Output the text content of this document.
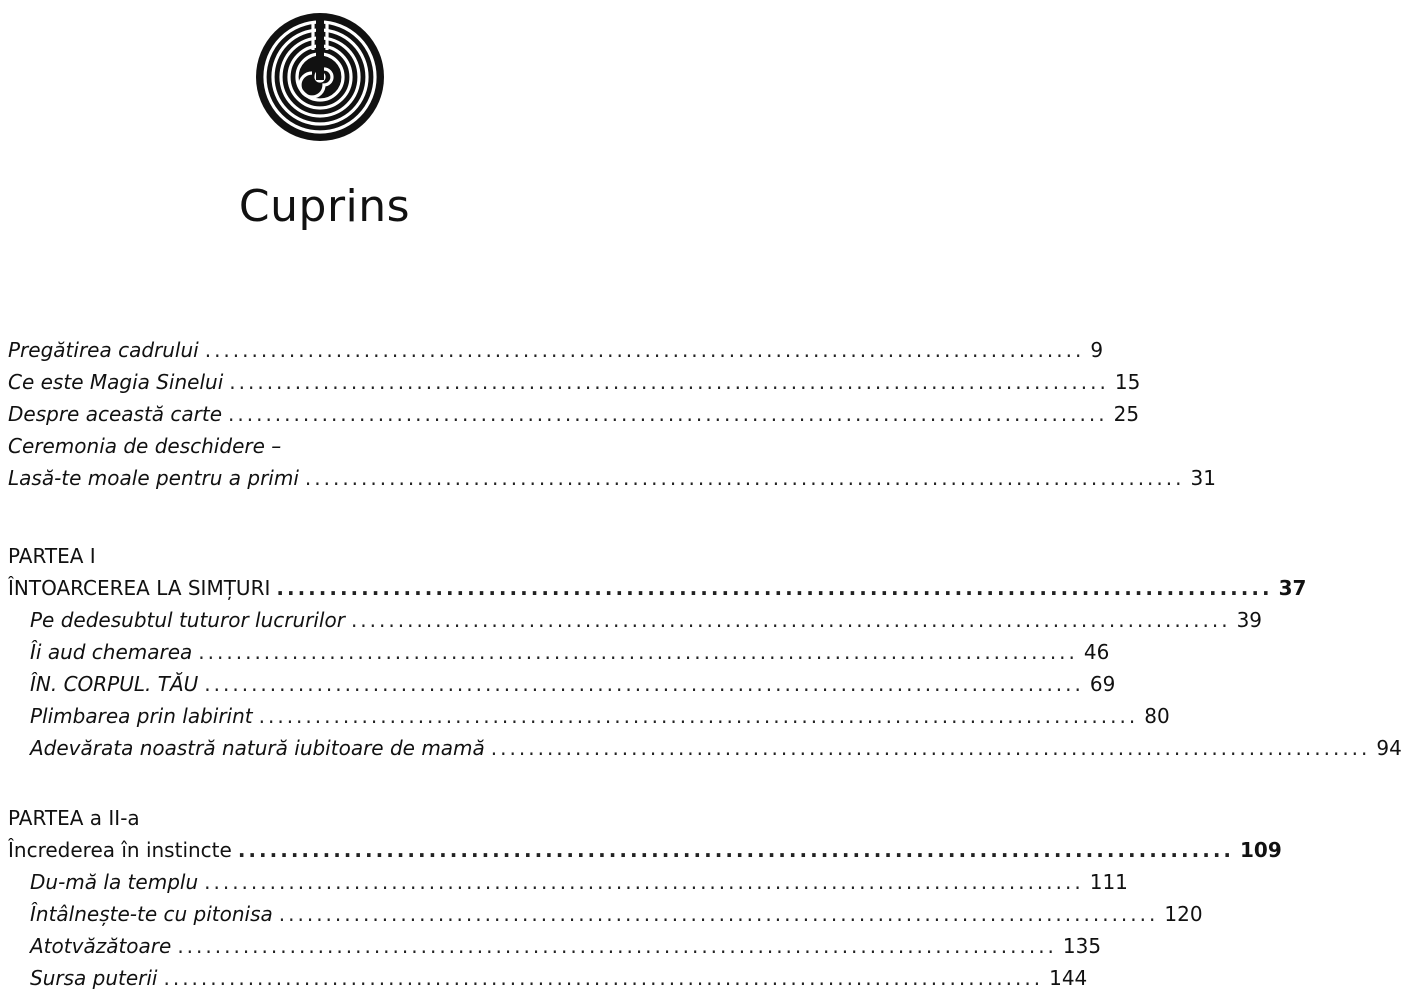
Cuprins
Pregătirea cadrului .............................................................................................. 9
Ce este Magia Sinelui .............................................................................................. 15
Despre această carte .............................................................................................. 25
Ceremonia de deschidere –
Lasă-te moale pentru a primi .............................................................................................. 31
PARTEA I
ÎNTOARCEREA LA SIMȚURI .............................................................................................. 37
Pe dedesubtul tuturor lucrurilor .............................................................................................. 39
Îi aud chemarea .............................................................................................. 46
ÎN. CORPUL. TĂU .............................................................................................. 69
Plimbarea prin labirint .............................................................................................. 80
Adevărata noastră natură iubitoare de mamă .............................................................................................. 94
PARTEA a II-a
Încrederea în instincte .............................................................................................. 109
Du-mă la templu .............................................................................................. 111
Întâlnește-te cu pitonisa .............................................................................................. 120
Atotvăzătoare .............................................................................................. 135
Sursa puterii .............................................................................................. 144
